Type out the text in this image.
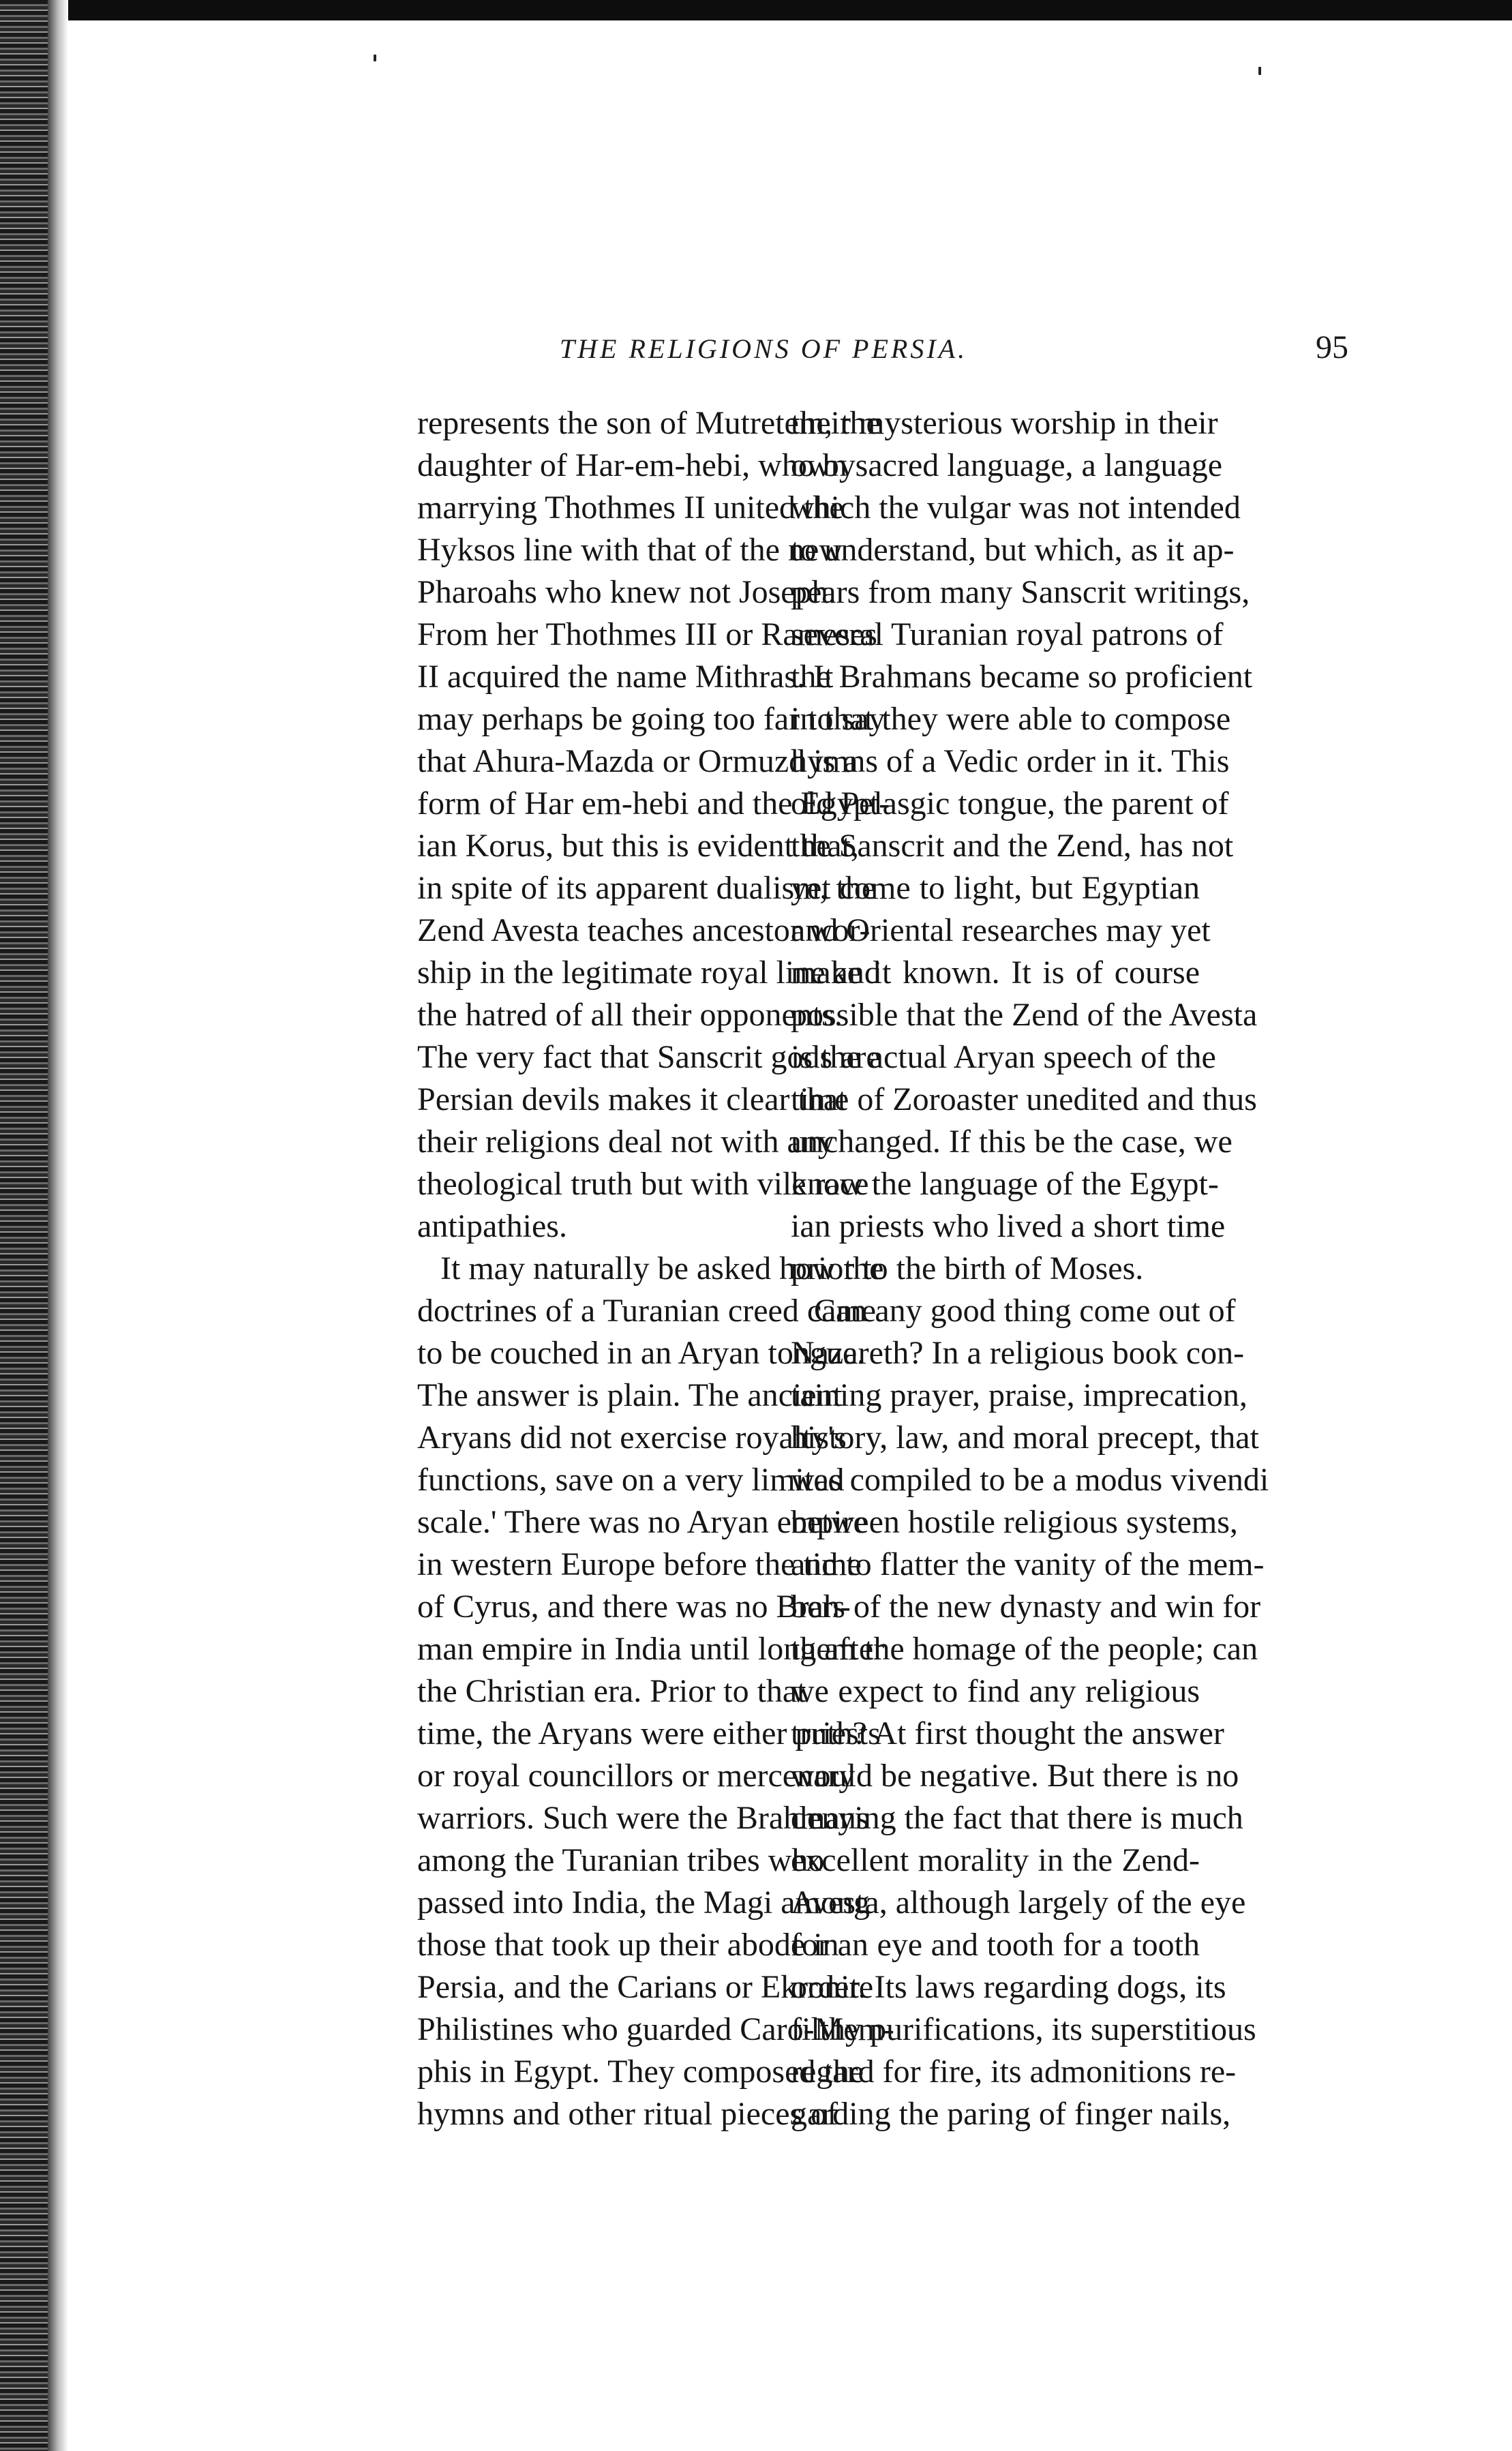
THE RELIGIONS OF PERSIA.	95
represents the son of Mutretem, the
daughter of Har-em-hebi, who by
marrying Thothmes II united the
Hyksos line with that of the new
Pharoahs who knew not Joseph.
From her Thothmes III or Rameses
II acquired the name Mithras. It
may perhaps be going too far to say
that Ahura-Mazda or Ormuzd is a
form of Har em-hebi and the Egypt-
ian Korus, but this is evident that,
in spite of its apparent dualism, the
Zend Avesta teaches ancestor wor-
ship in the legitimate royal line and
the hatred of all their opponents.
The very fact that Sanscrit gods are
Persian devils makes it clear that
their religions deal not with any
theological truth but with vile race
antipathies.
It may naturally be asked how the
doctrines of a Turanian creed came
to be couched in an Aryan tongue.
The answer is plain. The ancient
Aryans did not exercise royalty's
functions, save on a very limited
scale.' There was no Aryan empire
in western Europe before the time
of Cyrus, and there was no Brah-
man empire in India until long after
the Christian era. Prior to that
time, the Aryans were either priests
or royal councillors or mercenary
warriors. Such were the Brahmans
among the Turanian tribes who
passed into India, the Magi among
those that took up their abode in
Persia, and the Carians or Ekronite
Philistines who guarded Caro-Mem-
phis in Egypt. They composed the
hymns and other ritual pieces of
their mysterious worship in their
own sacred language, a language
which the vulgar was not intended
to understand, but which, as it ap-
pears from many Sanscrit writings,
several Turanian royal patrons of
the Brahmans became so proficient
in that they were able to compose
hymns of a Vedic order in it. This
old Pelasgic tongue, the parent of
the Sanscrit and the Zend, has not
yet come to light, but Egyptian
and Oriental researches may yet
make it known. It is of course
possible that the Zend of the Avesta
is the actual Aryan speech of the
time of Zoroaster unedited and thus
unchanged. If this be the case, we
know the language of the Egypt-
ian priests who lived a short time
prior to the birth of Moses.
Can any good thing come out of
Nazareth? In a religious book con-
taining prayer, praise, imprecation,
history, law, and moral precept, that
was compiled to be a modus vivendi
between hostile religious systems,
and to flatter the vanity of the mem-
bers of the new dynasty and win for
them the homage of the people; can
we expect to find any religious
truth? At first thought the answer
would be negative. But there is no
denying the fact that there is much
excellent morality in the Zend-
Avesta, although largely of the eye
for an eye and tooth for a tooth
order. Its laws regarding dogs, its
filthy purifications, its superstitious
regard for fire, its admonitions re-
garding the paring of finger nails,
